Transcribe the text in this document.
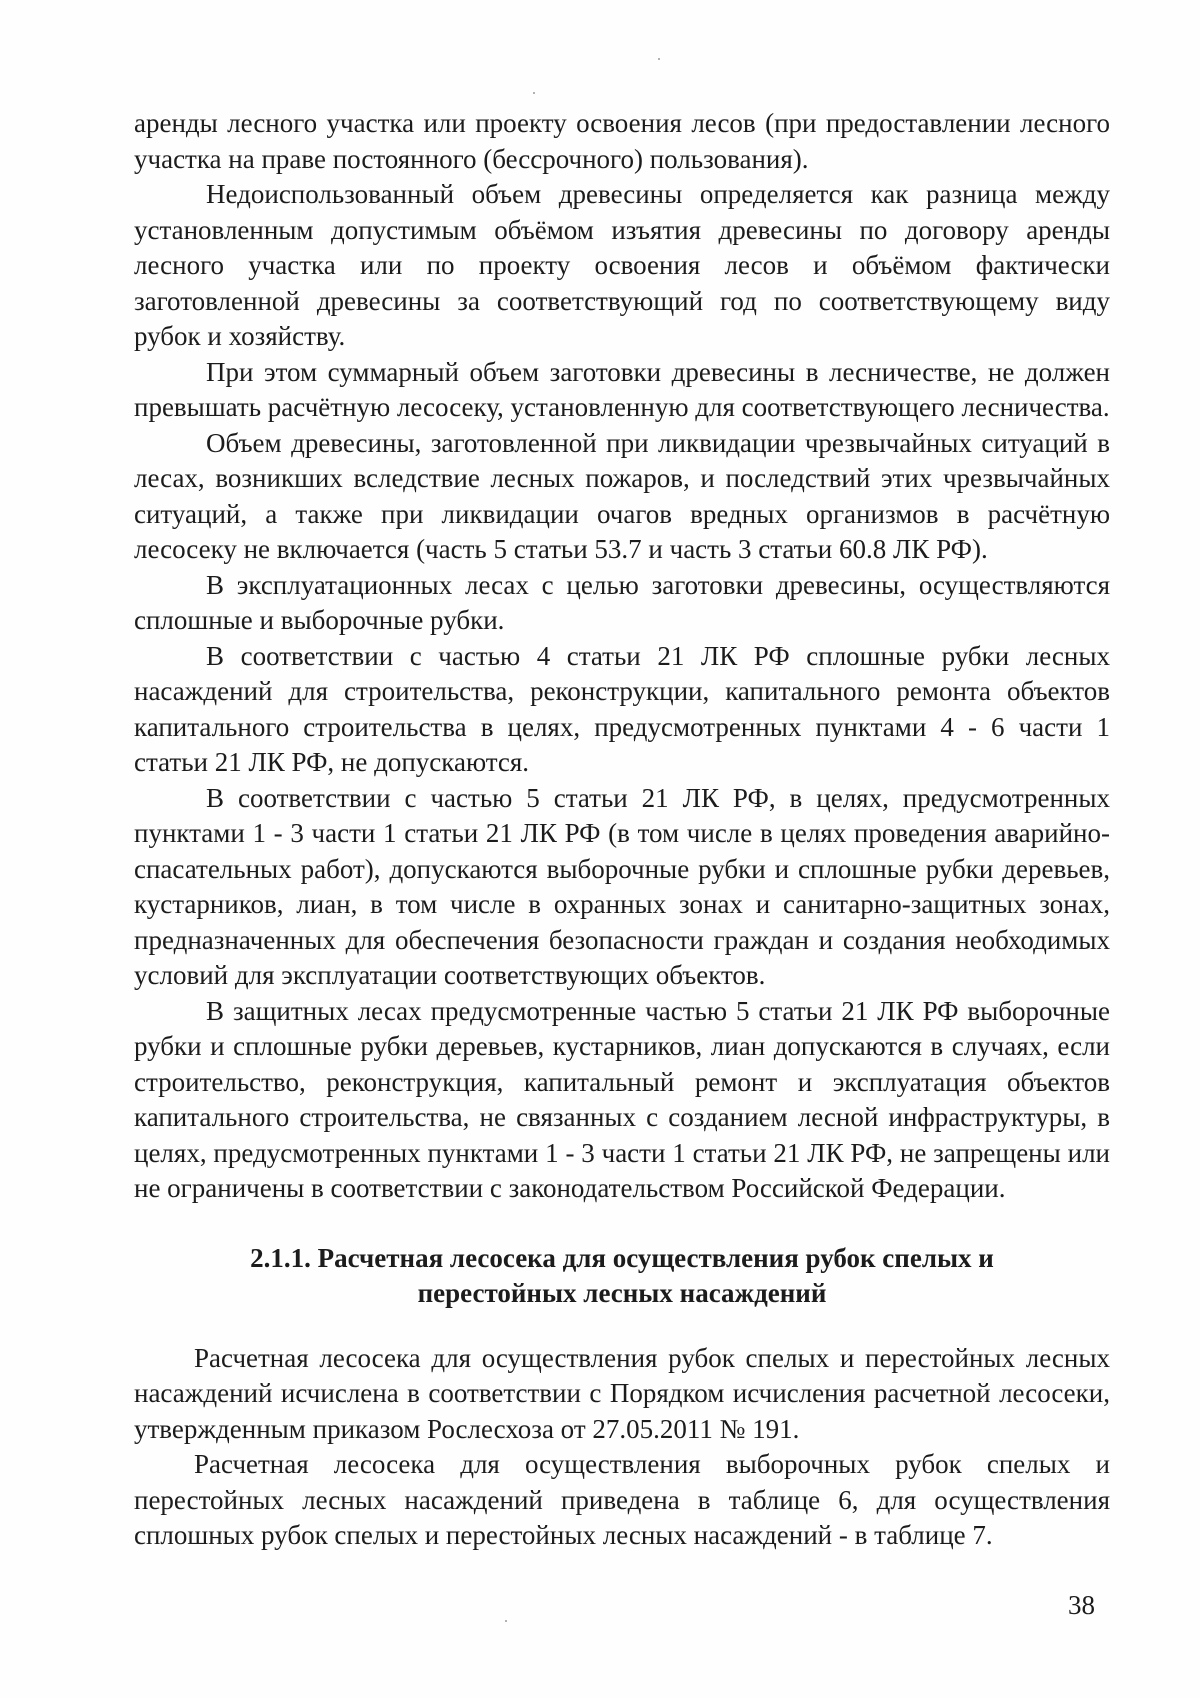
аренды лесного участка или проекту освоения лесов (при предоставлении лесного участка на праве постоянного (бессрочного) пользования).

Недоиспользованный объем древесины определяется как разница между установленным допустимым объёмом изъятия древесины по договору аренды лесного участка или по проекту освоения лесов и объёмом фактически заготовленной древесины за соответствующий год по соответствующему виду рубок и хозяйству.

При этом суммарный объем заготовки древесины в лесничестве, не должен превышать расчётную лесосеку, установленную для соответствующего лесничества.

Объем древесины, заготовленной при ликвидации чрезвычайных ситуаций в лесах, возникших вследствие лесных пожаров, и последствий этих чрезвычайных ситуаций, а также при ликвидации очагов вредных организмов в расчётную лесосеку не включается (часть 5 статьи 53.7 и часть 3 статьи 60.8 ЛК РФ).

В эксплуатационных лесах с целью заготовки древесины, осуществляются сплошные и выборочные рубки.

В соответствии с частью 4 статьи 21 ЛК РФ сплошные рубки лесных насаждений для строительства, реконструкции, капитального ремонта объектов капитального строительства в целях, предусмотренных пунктами 4 - 6 части 1 статьи 21 ЛК РФ, не допускаются.

В соответствии с частью 5 статьи 21 ЛК РФ, в целях, предусмотренных пунктами 1 - 3 части 1 статьи 21 ЛК РФ (в том числе в целях проведения аварийно-спасательных работ), допускаются выборочные рубки и сплошные рубки деревьев, кустарников, лиан, в том числе в охранных зонах и санитарно-защитных зонах, предназначенных для обеспечения безопасности граждан и создания необходимых условий для эксплуатации соответствующих объектов.

В защитных лесах предусмотренные частью 5 статьи 21 ЛК РФ выборочные рубки и сплошные рубки деревьев, кустарников, лиан допускаются в случаях, если строительство, реконструкция, капитальный ремонт и эксплуатация объектов капитального строительства, не связанных с созданием лесной инфраструктуры, в целях, предусмотренных пунктами 1 - 3 части 1 статьи 21 ЛК РФ, не запрещены или не ограничены в соответствии с законодательством Российской Федерации.

2.1.1. Расчетная лесосека для осуществления рубок спелых и перестойных лесных насаждений

Расчетная лесосека для осуществления рубок спелых и перестойных лесных насаждений исчислена в соответствии с Порядком исчисления расчетной лесосеки, утвержденным приказом Рослесхоза от 27.05.2011 № 191.

Расчетная лесосека для осуществления выборочных рубок спелых и перестойных лесных насаждений приведена в таблице 6, для осуществления сплошных рубок спелых и перестойных лесных насаждений - в таблице 7.

38
